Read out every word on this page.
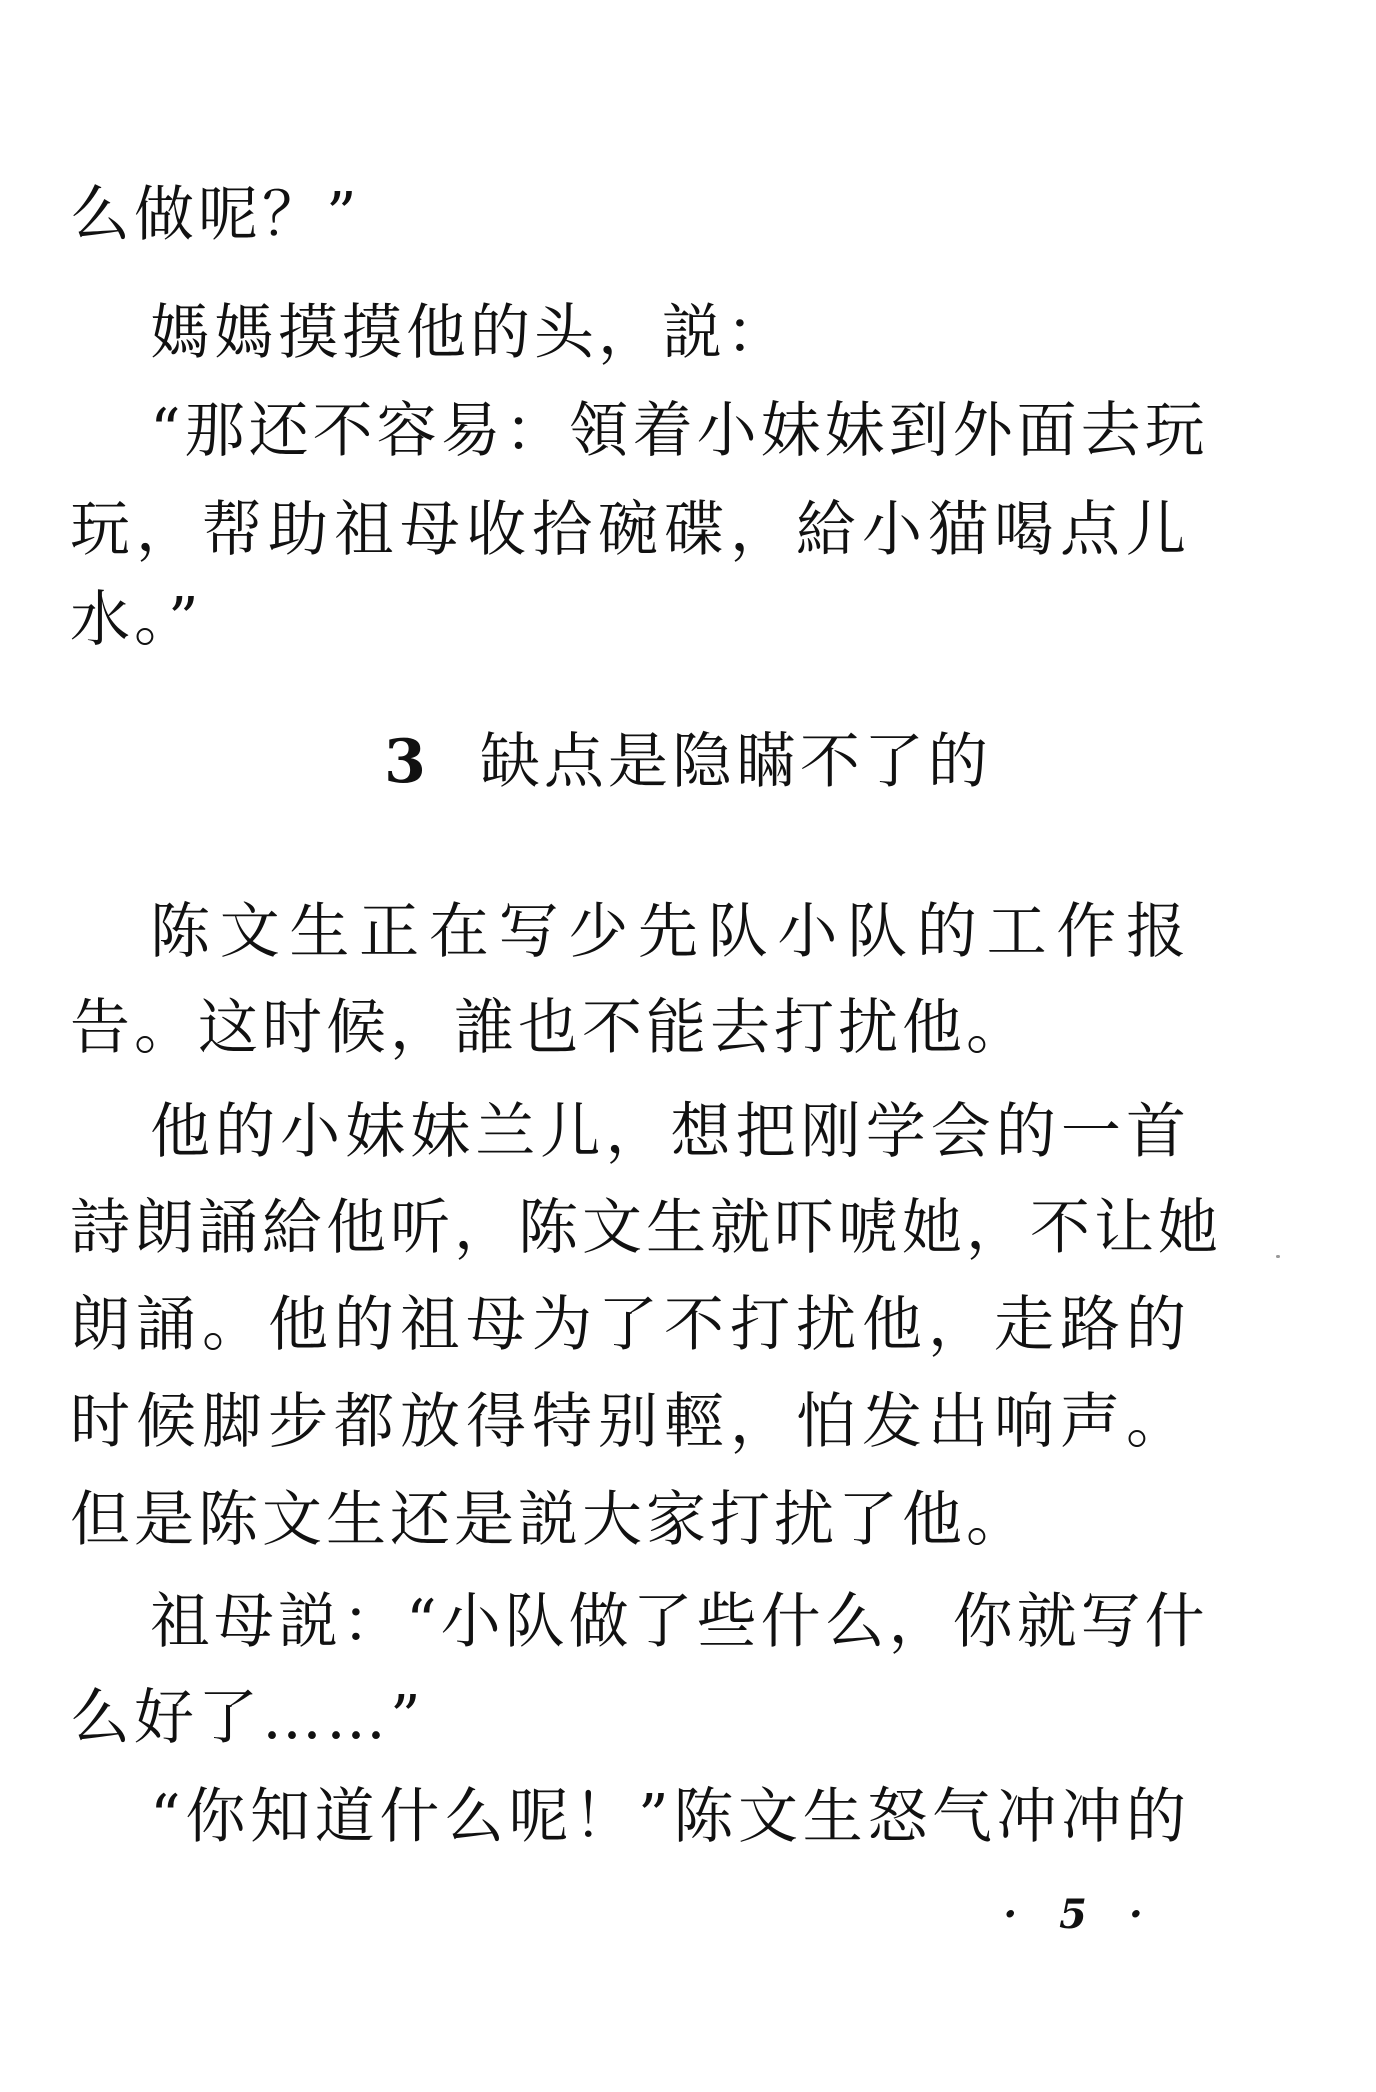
么做呢？”
媽媽摸摸他的头，説：
“那还不容易：領着小妹妹到外面去玩
玩，帮助祖母收拾碗碟，給小猫喝点儿
水。”
3 缺点是隐瞞不了的
陈文生正在写少先队小队的工作报
告。这时候，誰也不能去打扰他。
他的小妹妹兰儿，想把刚学会的一首
詩朗誦給他听，陈文生就吓唬她，不让她
朗誦。他的祖母为了不打扰他，走路的
时候脚步都放得特别輕，怕发出响声。
但是陈文生还是説大家打扰了他。
祖母説：“小队做了些什么，你就写什
么好了……”
“你知道什么呢！”陈文生怒气冲冲的
· 5 ·
